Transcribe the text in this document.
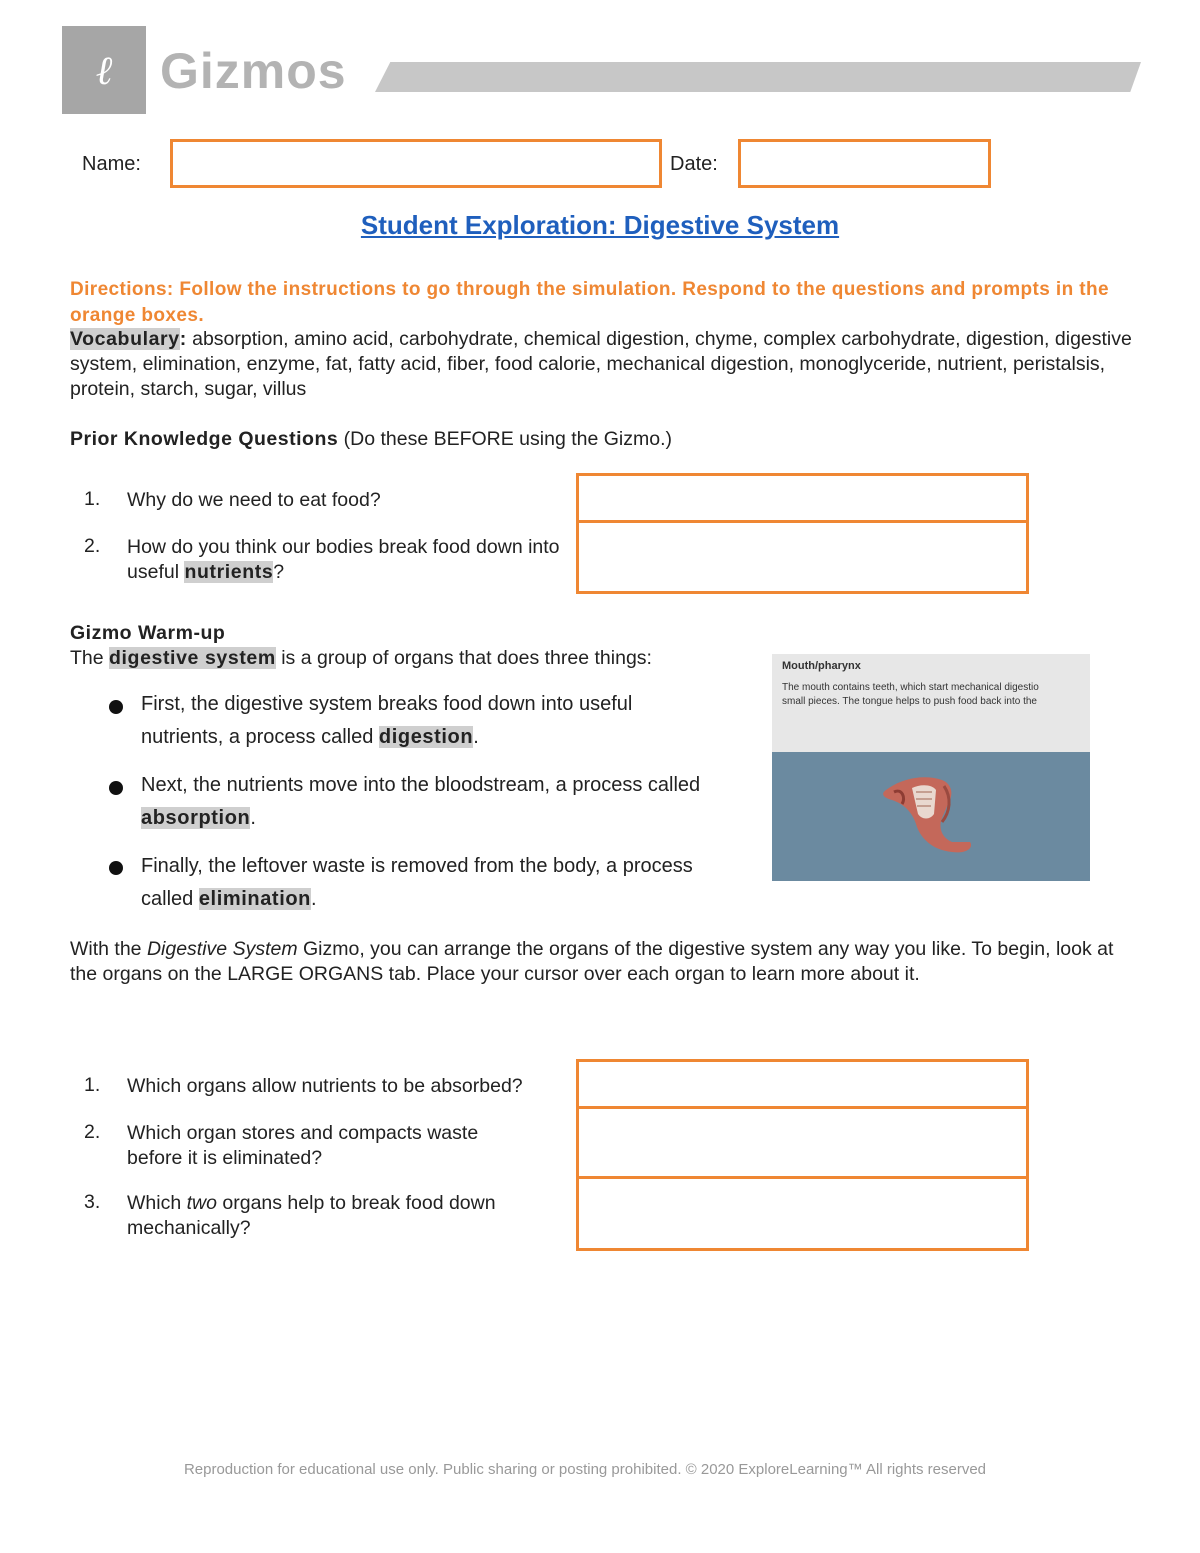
ℓ Gizmos
Name:	Date:
Student Exploration: Digestive System
Directions: Follow the instructions to go through the simulation. Respond to the questions and prompts in the orange boxes.
Vocabulary: absorption, amino acid, carbohydrate, chemical digestion, chyme, complex carbohydrate, digestion, digestive system, elimination, enzyme, fat, fatty acid, fiber, food calorie, mechanical digestion, monoglyceride, nutrient, peristalsis, protein, starch, sugar, villus
Prior Knowledge Questions (Do these BEFORE using the Gizmo.)
1.	Why do we need to eat food?
2.	How do you think our bodies break food down into useful nutrients?
Gizmo Warm-up
The digestive system is a group of organs that does three things:
First, the digestive system breaks food down into useful nutrients, a process called digestion.
Next, the nutrients move into the bloodstream, a process called absorption.
Finally, the leftover waste is removed from the body, a process called elimination.
Mouth/pharynx
The mouth contains teeth, which start mechanical digestio
small pieces. The tongue helps to push food back into the
With the Digestive System Gizmo, you can arrange the organs of the digestive system any way you like. To begin, look at the organs on the LARGE ORGANS tab. Place your cursor over each organ to learn more about it.
1.	Which organs allow nutrients to be absorbed?
2.	Which organ stores and compacts waste before it is eliminated?
3.	Which two organs help to break food down mechanically?
Reproduction for educational use only. Public sharing or posting prohibited. © 2020 ExploreLearning™ All rights reserved
